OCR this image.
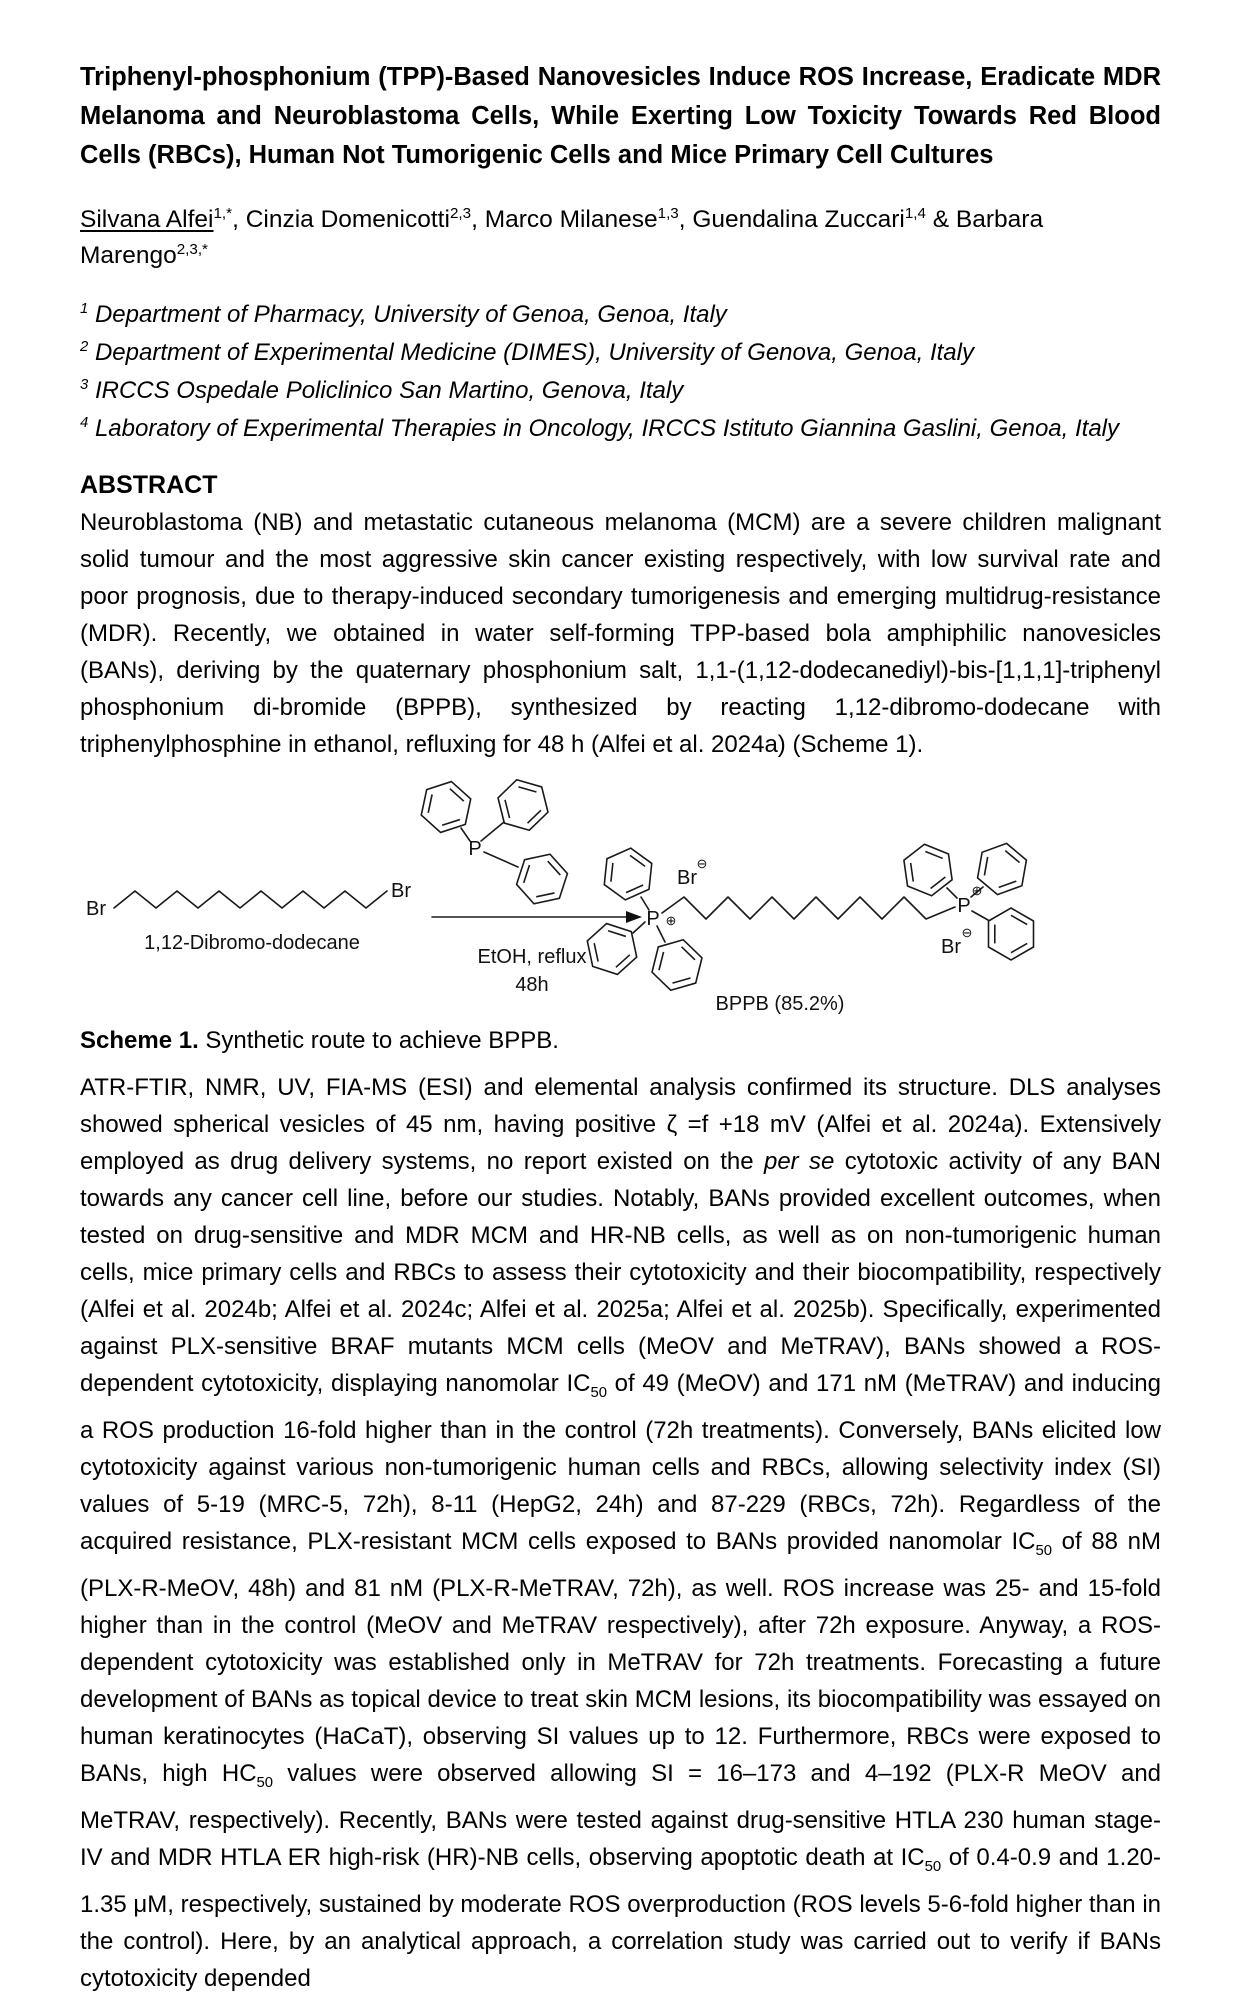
Triphenyl-phosphonium (TPP)-Based Nanovesicles Induce ROS Increase, Eradicate MDR Melanoma and Neuroblastoma Cells, While Exerting Low Toxicity Towards Red Blood Cells (RBCs), Human Not Tumorigenic Cells and Mice Primary Cell Cultures

Silvana Alfei$^{1,*}$, Cinzia Domenicotti$^{2,3}$, Marco Milanese$^{1,3}$, Guendalina Zuccari$^{1,4}$ & Barbara Marengo$^{2,3,*}$

$^1$ Department of Pharmacy, University of Genoa, Genoa, Italy
$^2$ Department of Experimental Medicine (DIMES), University of Genova, Genoa, Italy
$^3$ IRCCS Ospedale Policlinico San Martino, Genova, Italy
$^4$ Laboratory of Experimental Therapies in Oncology, IRCCS Istituto Giannina Gaslini, Genoa, Italy
ABSTRACT

Neuroblastoma (NB) and metastatic cutaneous melanoma (MCM) are a severe children malignant solid tumour and the most aggressive skin cancer existing respectively, with low survival rate and poor prognosis, due to therapy-induced secondary tumorigenesis and emerging multidrug-resistance (MDR). Recently, we obtained in water self-forming TPP-based bola amphiphilic nanovesicles (BANs), deriving by the quaternary phosphonium salt, 1,1-(1,12-dodecanediyl)-bis-[1,1,1]-triphenyl phosphonium di-bromide (BPPB), synthesized by reacting 1,12-dibromo-dodecane with triphenylphosphine in ethanol, refluxing for 48 h (Alfei et al. 2024a) (Scheme 1).

Br
Br
1,12-Dibromo-dodecane
P
EtOH, reflux
48h
P ⊕
Br
⊖
P
⊕
Br
⊖
BPPB (85.2%)

Scheme 1. Synthetic route to achieve BPPB.

ATR-FTIR, NMR, UV, FIA-MS (ESI) and elemental analysis confirmed its structure. DLS analyses showed spherical vesicles of 45 nm, having positive ζ =f +18 mV (Alfei et al. 2024a). Extensively employed as drug delivery systems, no report existed on the per se cytotoxic activity of any BAN towards any cancer cell line, before our studies. Notably, BANs provided excellent outcomes, when tested on drug-sensitive and MDR MCM and HR-NB cells, as well as on non-tumorigenic human cells, mice primary cells and RBCs to assess their cytotoxicity and their biocompatibility, respectively (Alfei et al. 2024b; Alfei et al. 2024c; Alfei et al. 2025a; Alfei et al. 2025b). Specifically, experimented against PLX-sensitive BRAF mutants MCM cells (MeOV and MeTRAV), BANs showed a ROS-dependent cytotoxicity, displaying nanomolar $IC_{50}$ of 49 (MeOV) and 171 nM (MeTRAV) and inducing a ROS production 16-fold higher than in the control (72h treatments). Conversely, BANs elicited low cytotoxicity against various non-tumorigenic human cells and RBCs, allowing selectivity index (SI) values of 5-19 (MRC-5, 72h), 8-11 (HepG2, 24h) and 87-229 (RBCs, 72h). Regardless of the acquired resistance, PLX-resistant MCM cells exposed to BANs provided nanomolar $IC_{50}$ of 88 nM (PLX-R-MeOV, 48h) and 81 nM (PLX-R-MeTRAV, 72h), as well. ROS increase was 25- and 15-fold higher than in the control (MeOV and MeTRAV respectively), after 72h exposure. Anyway, a ROS-dependent cytotoxicity was established only in MeTRAV for 72h treatments. Forecasting a future development of BANs as topical device to treat skin MCM lesions, its biocompatibility was essayed on human keratinocytes (HaCaT), observing SI values up to 12. Furthermore, RBCs were exposed to BANs, high $HC_{50}$ values were observed allowing SI = 16–173 and 4–192 (PLX-R MeOV and MeTRAV, respectively). Recently, BANs were tested against drug-sensitive HTLA 230 human stage-IV and MDR HTLA ER high-risk (HR)-NB cells, observing apoptotic death at $IC_{50}$ of 0.4-0.9 and 1.20-1.35 μM, respectively, sustained by moderate ROS overproduction (ROS levels 5-6-fold higher than in the control). Here, by an analytical approach, a correlation study was carried out to verify if BANs cytotoxicity depended
